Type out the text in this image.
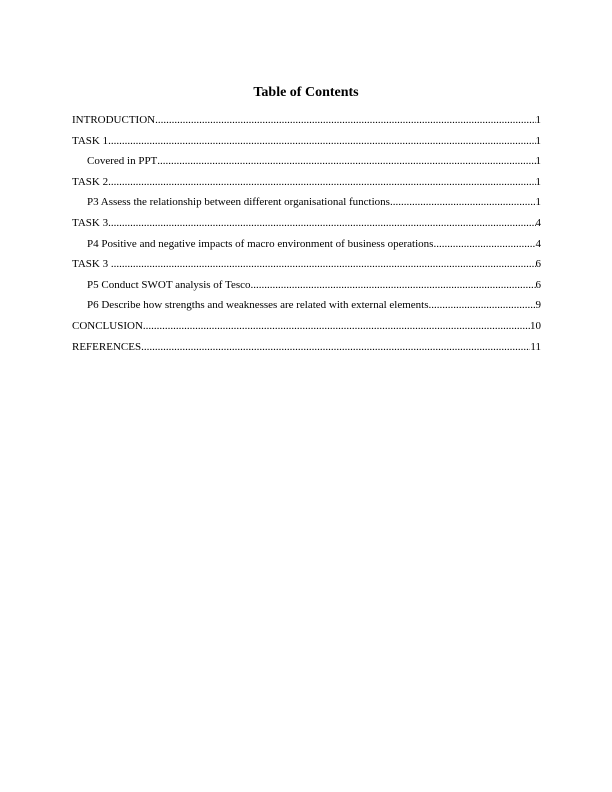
Table of Contents
INTRODUCTION .....	1
TASK 1 .....	1
Covered in PPT .....	1
TASK 2 .....	1
P3 Assess the relationship between different organisational functions .....	1
TASK 3 .....	4
P4 Positive and negative impacts of macro environment of business operations .....	4
TASK 3 .....	6
P5 Conduct SWOT analysis of Tesco .....	6
P6 Describe how strengths and weaknesses are related with external elements .....	9
CONCLUSION .....	10
REFERENCES .....	11
